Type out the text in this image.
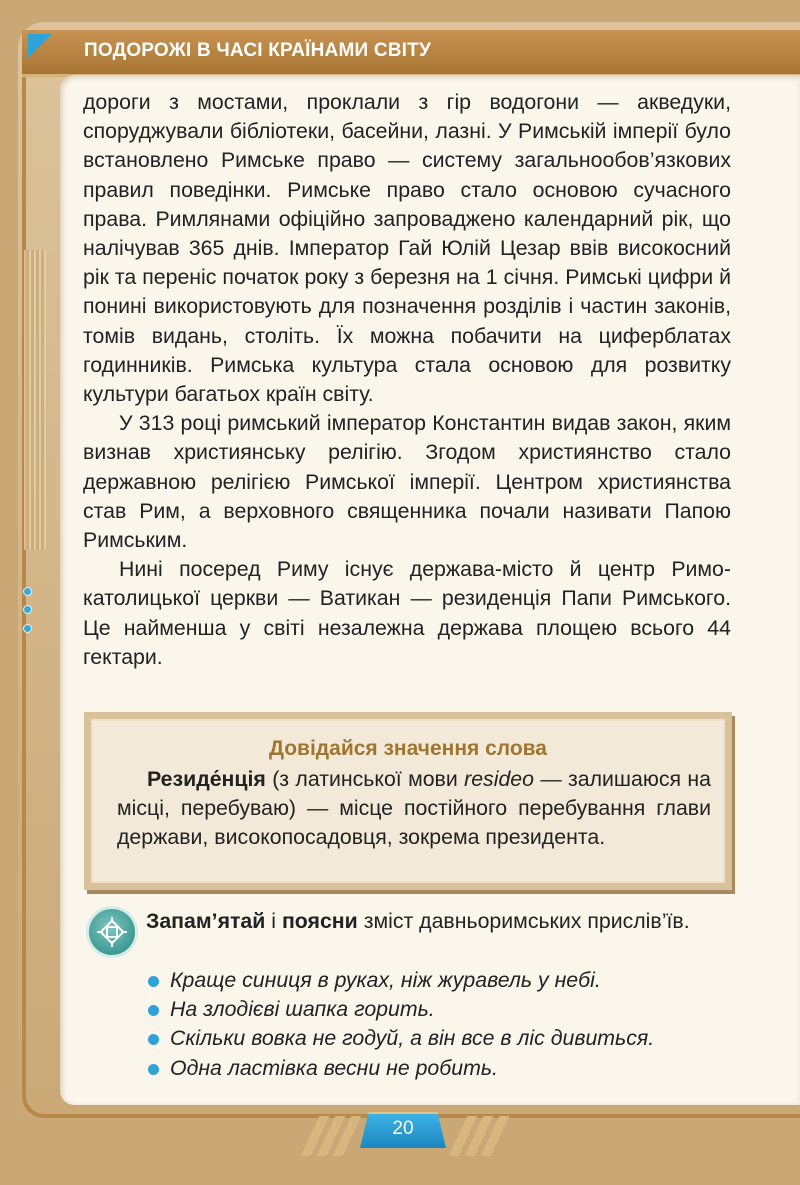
ПОДОРОЖІ В ЧАСІ КРАЇНАМИ СВІТУ

дороги з мостами, проклали з гір водогони — акведуки, споруджували бібліотеки, басейни, лазні. У Римській імперії було встановлено Римське право — систему загальнообов’язкових правил поведінки. Римське право стало основою сучасного права. Римлянами офіційно запроваджено календарний рік, що налічував 365 днів. Імператор Гай Юлій Цезар ввів високосний рік та переніс початок року з березня на 1 січня. Римські цифри й понині використовують для позначення розділів і частин законів, томів видань, століть. Їх можна побачити на циферблатах годинників. Римська культура стала основою для розвитку культури багатьох країн світу.

У 313 році римський імператор Константин видав закон, яким визнав християнську релігію. Згодом християнство стало державною релігією Римської імперії. Центром християнства став Рим, а верховного священника почали називати Папою Римським.

Нині посеред Риму існує держава-місто й центр Римо-католицької церкви — Ватикан — резиденція Папи Римського. Це найменша у світі незалежна держава площею всього 44 гектари.

Довідайся значення слова

Резиде́нція (з латинської мови resideo — залишаюся на місці, перебуваю) — місце постійного перебування глави держави, високопосадовця, зокрема президента.

Запам’ятай і поясни зміст давньоримських прислів’їв.

Краще синиця в руках, ніж журавель у небі.
На злодієві шапка горить.
Скільки вовка не годуй, а він все в ліс дивиться.
Одна ластівка весни не робить.
20
